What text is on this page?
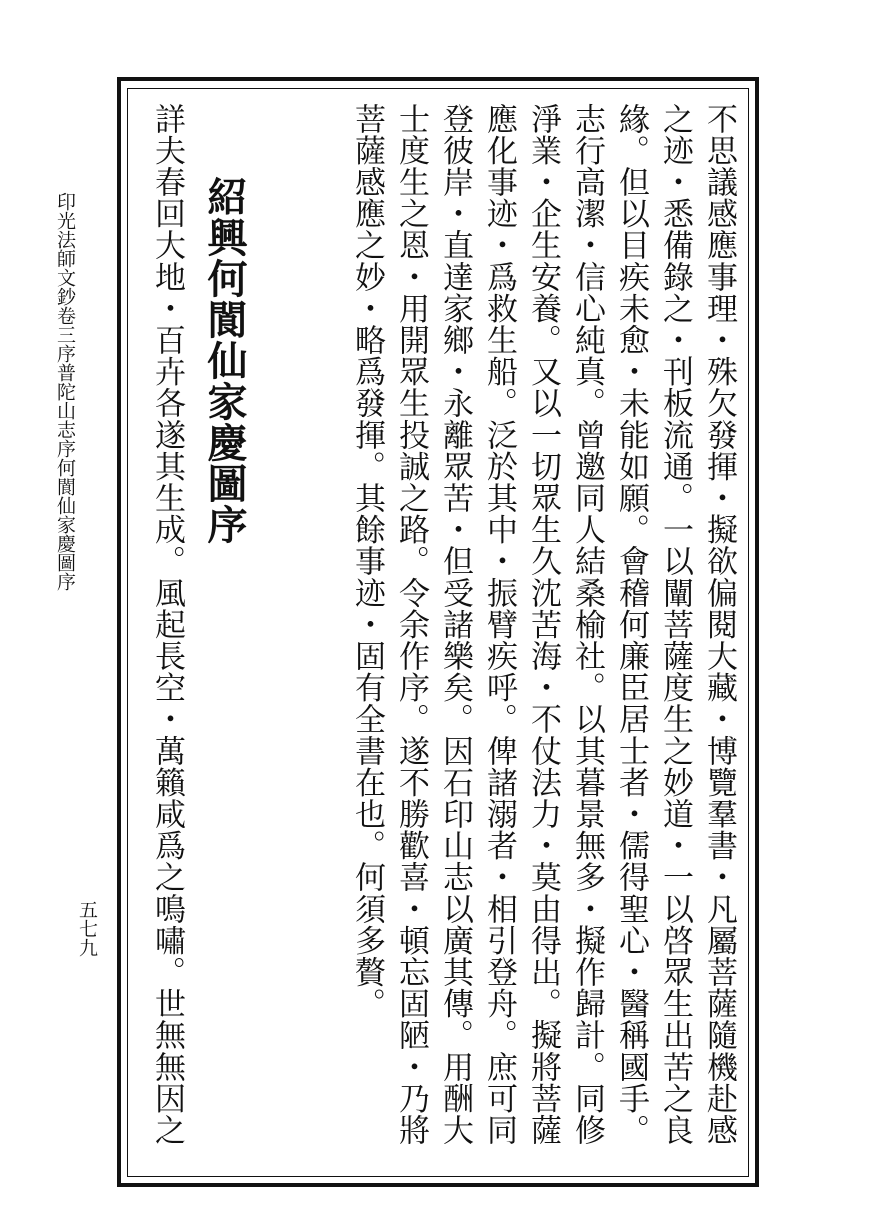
不思議感應事理・殊欠發揮・擬欲偏閱大藏・博覽羣書・凡屬菩薩隨機赴感
之迹・悉備錄之・刊板流通。一以闡菩薩度生之妙道・一以啓眾生出苦之良
緣。但以目疾未愈・未能如願。會稽何廉臣居士者・儒得聖心・醫稱國手。
志行高潔・信心純真。曾邀同人結桑榆社。以其暮景無多・擬作歸計。同修
淨業・企生安養。又以一切眾生久沈苦海・不仗法力・莫由得出。擬將菩薩
應化事迹・爲救生船。泛於其中・振臂疾呼。俾諸溺者・相引登舟。庶可同
登彼岸・直達家鄉・永離眾苦・但受諸樂矣。因石印山志以廣其傳。用酬大
士度生之恩・用開眾生投誠之路。令余作序。遂不勝歡喜・頓忘固陋・乃將
菩薩感應之妙・略爲發揮。其餘事迹・固有全書在也。何須多贅。
紹興何閬仙家慶圖序
詳夫春回大地・百卉各遂其生成。風起長空・萬籟咸爲之鳴嘯。世無無因之
印光法師文鈔卷三序普陀山志序何閬仙家慶圖序
五七九
